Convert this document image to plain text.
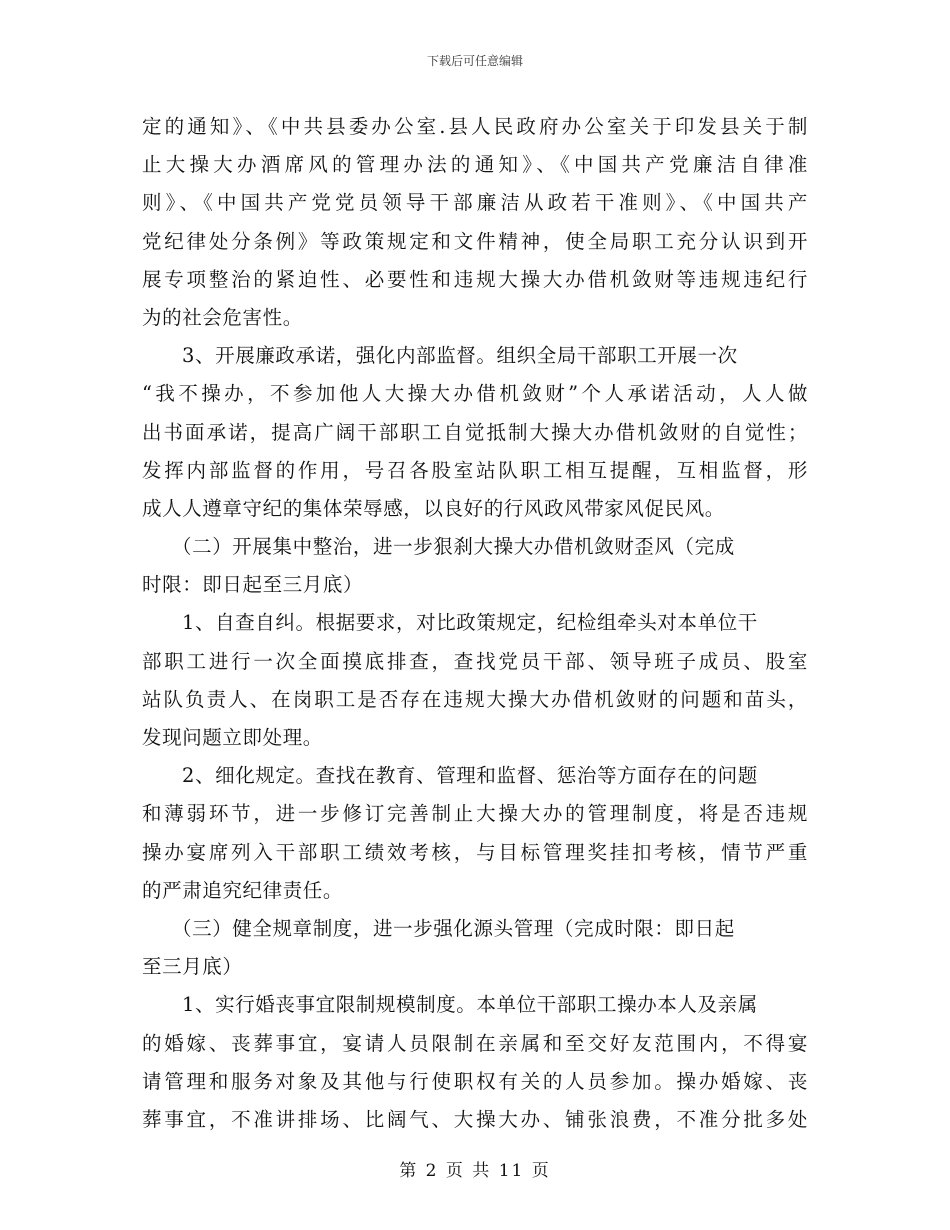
下载后可任意编辑
定的通知》、《中共县委办公室.县人民政府办公室关于印发县关于制
止大操大办酒席风的管理办法的通知》、《中国共产党廉洁自律准
则》、《中国共产党党员领导干部廉洁从政若干准则》、《中国共产
党纪律处分条例》等政策规定和文件精神，使全局职工充分认识到开
展专项整治的紧迫性、必要性和违规大操大办借机敛财等违规违纪行
为的社会危害性。
3、开展廉政承诺，强化内部监督。组织全局干部职工开展一次
“我不操办，不参加他人大操大办借机敛财”个人承诺活动，人人做
出书面承诺，提高广阔干部职工自觉抵制大操大办借机敛财的自觉性；
发挥内部监督的作用，号召各股室站队职工相互提醒，互相监督，形
成人人遵章守纪的集体荣辱感，以良好的行风政风带家风促民风。
（二）开展集中整治，进一步狠刹大操大办借机敛财歪风（完成
时限：即日起至三月底）
1、自查自纠。根据要求，对比政策规定，纪检组牵头对本单位干
部职工进行一次全面摸底排查，查找党员干部、领导班子成员、股室
站队负责人、在岗职工是否存在违规大操大办借机敛财的问题和苗头，
发现问题立即处理。
2、细化规定。查找在教育、管理和监督、惩治等方面存在的问题
和薄弱环节，进一步修订完善制止大操大办的管理制度，将是否违规
操办宴席列入干部职工绩效考核，与目标管理奖挂扣考核，情节严重
的严肃追究纪律责任。
（三）健全规章制度，进一步强化源头管理（完成时限：即日起
至三月底）
1、实行婚丧事宜限制规模制度。本单位干部职工操办本人及亲属
的婚嫁、丧葬事宜，宴请人员限制在亲属和至交好友范围内，不得宴
请管理和服务对象及其他与行使职权有关的人员参加。操办婚嫁、丧
葬事宜，不准讲排场、比阔气、大操大办、铺张浪费，不准分批多处
第 2 页 共 11 页
